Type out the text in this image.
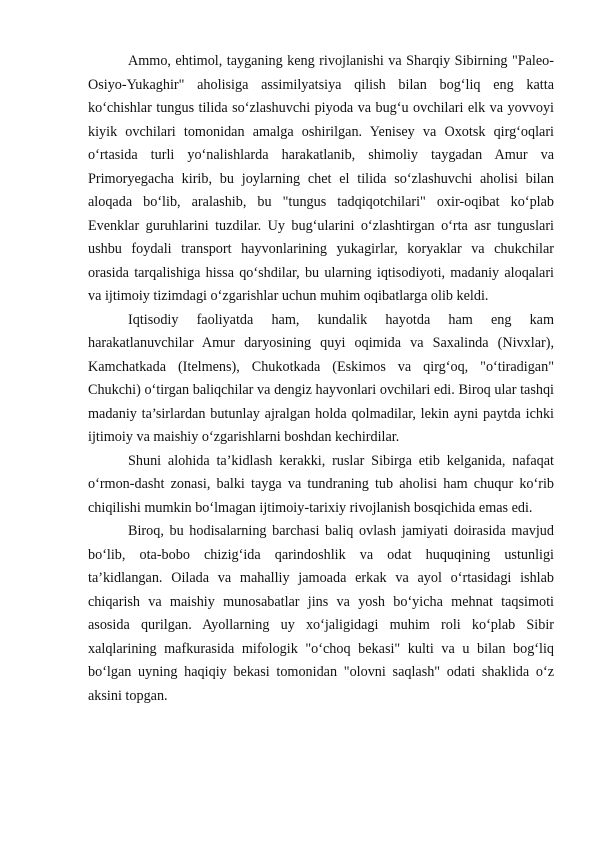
Ammo, ehtimol, tayganing keng rivojlanishi va Sharqiy Sibirning "Paleo-Osiyo-Yukaghir" aholisiga assimilyatsiya qilish bilan bog‘liq eng katta ko‘chishlar tungus tilida so‘zlashuvchi piyoda va bug‘u ovchilari elk va yovvoyi kiyik ovchilari tomonidan amalga oshirilgan. Yenisey va Oxotsk qirg‘oqlari o‘rtasida turli yo‘nalishlarda harakatlanib, shimoliy taygadan Amur va Primoryegacha kirib, bu joylarning chet el tilida so‘zlashuvchi aholisi bilan aloqada bo‘lib, aralashib, bu "tungus tadqiqotchilari" oxir-oqibat ko‘plab Evenklar guruhlarini tuzdilar. Uy bug‘ularini o‘zlashtirgan o‘rta asr tunguslari ushbu foydali transport hayvonlarining yukagirlar, koryaklar va chukchilar orasida tarqalishiga hissa qo‘shdilar, bu ularning iqtisodiyoti, madaniy aloqalari va ijtimoiy tizimdagi o‘zgarishlar uchun muhim oqibatlarga olib keldi.

Iqtisodiy faoliyatda ham, kundalik hayotda ham eng kam harakatlanuvchilar Amur daryosining quyi oqimida va Saxalinda (Nivxlar), Kamchatkada (Itelmens), Chukotkada (Eskimos va qirg‘oq, "o‘tiradigan" Chukchi) o‘tirgan baliqchilar va dengiz hayvonlari ovchilari edi. Biroq ular tashqi madaniy ta’sirlardan butunlay ajralgan holda qolmadilar, lekin ayni paytda ichki ijtimoiy va maishiy o‘zgarishlarni boshdan kechirdilar.

Shuni alohida ta’kidlash kerakki, ruslar Sibirga etib kelganida, nafaqat o‘rmon-dasht zonasi, balki tayga va tundraning tub aholisi ham chuqur ko‘rib chiqilishi mumkin bo‘lmagan ijtimoiy-tarixiy rivojlanish bosqichida emas edi.

Biroq, bu hodisalarning barchasi baliq ovlash jamiyati doirasida mavjud bo‘lib, ota-bobo chizig‘ida qarindoshlik va odat huquqining ustunligi ta’kidlangan. Oilada va mahalliy jamoada erkak va ayol o‘rtasidagi ishlab chiqarish va maishiy munosabatlar jins va yosh bo‘yicha mehnat taqsimoti asosida qurilgan. Ayollarning uy xo‘jaligidagi muhim roli ko‘plab Sibir xalqlarining mafkurasida mifologik "o‘choq bekasi" kulti va u bilan bog‘liq bo‘lgan uyning haqiqiy bekasi tomonidan "olovni saqlash" odati shaklida o‘z aksini topgan.
